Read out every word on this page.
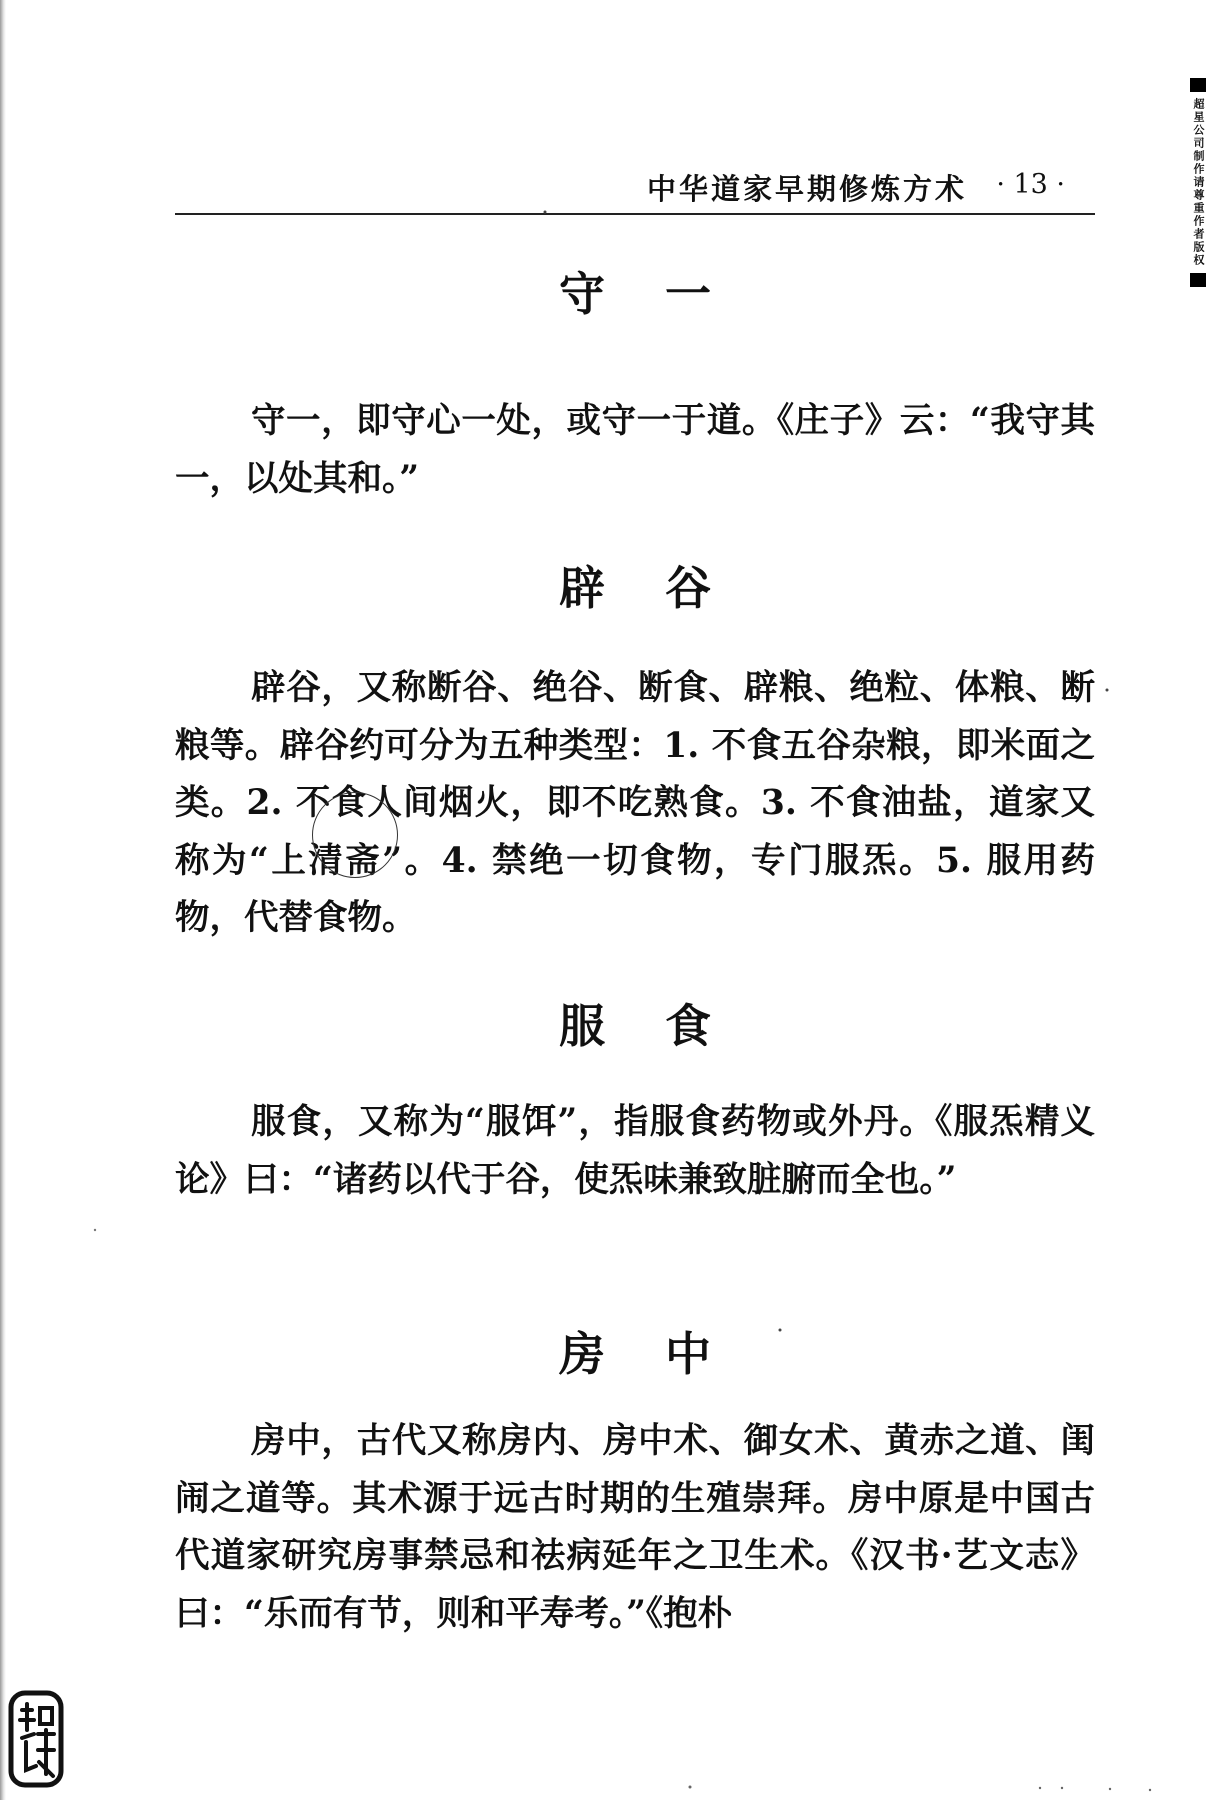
中华道家早期修炼方术 · 13 ·	超星公司制作请尊重作者版权
守一

守一，即守心一处，或守一于道。《庄子》云：“我守其一，以处其和。”

辟谷

辟谷，又称断谷、绝谷、断食、辟粮、绝粒、体粮、断粮等。辟谷约可分为五种类型：1. 不食五谷杂粮，即米面之类。2. 不食人间烟火，即不吃熟食。3. 不食油盐，道家又称为“上清斋”。4. 禁绝一切食物，专门服炁。5. 服用药物，代替食物。

服食

服食，又称为“服饵”，指服食药物或外丹。《服炁精义论》曰：“诸药以代于谷，使炁味兼致脏腑而全也。”

房中

房中，古代又称房内、房中术、御女术、黄赤之道、闺闹之道等。其术源于远古时期的生殖崇拜。房中原是中国古代道家研究房事禁忌和祛病延年之卫生术。《汉书·艺文志》曰：“乐而有节，则和平寿考。”《抱朴
